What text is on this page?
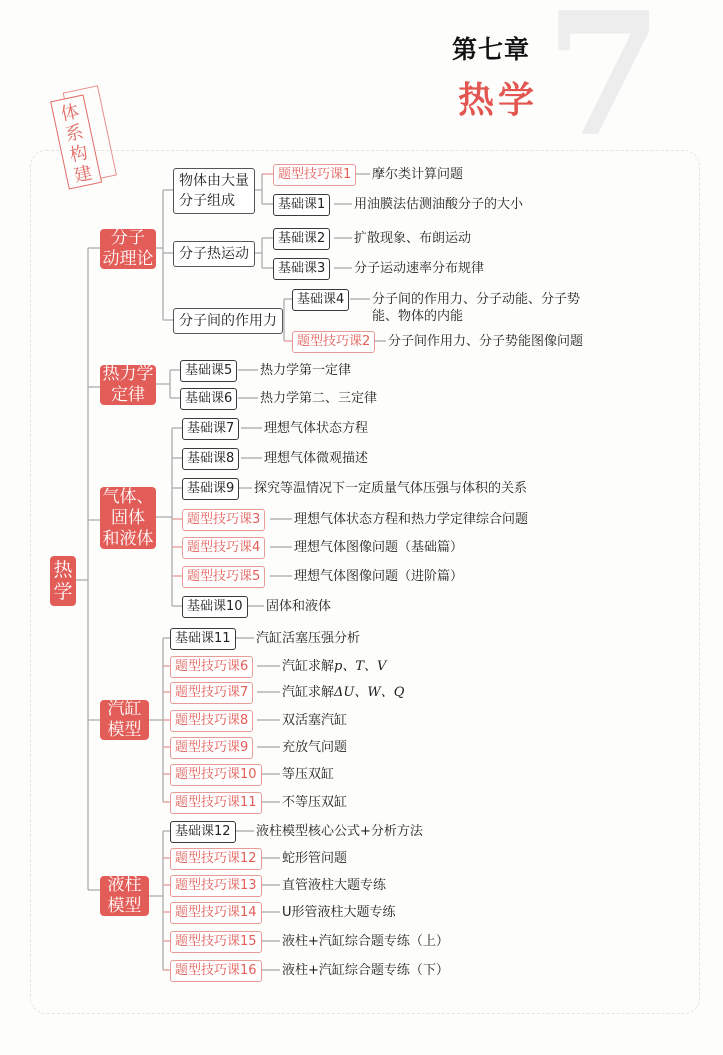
7
第七章
热学
体
系
构
建
热学
分子
动理论
热力学
定律
气体、
固体
和液体
汽缸
模型
液柱
模型
物体由大量
分子组成
分子热运动
分子间的作用力
题型技巧课1	摩尔类计算问题
基础课1	用油膜法估测油酸分子的大小
基础课2	扩散现象、布朗运动
基础课3	分子运动速率分布规律
基础课4	分子间的作用力、分子动能、分子势能、物体的内能
题型技巧课2	分子间作用力、分子势能图像问题
基础课5	热力学第一定律
基础课6	热力学第二、三定律
基础课7	理想气体状态方程
基础课8	理想气体微观描述
基础课9	探究等温情况下一定质量气体压强与体积的关系
题型技巧课3	理想气体状态方程和热力学定律综合问题
题型技巧课4	理想气体图像问题（基础篇）
题型技巧课5	理想气体图像问题（进阶篇）
基础课10	固体和液体
基础课11	汽缸活塞压强分析
题型技巧课6	汽缸求解p、T、V
题型技巧课7	汽缸求解ΔU、W、Q
题型技巧课8	双活塞汽缸
题型技巧课9	充放气问题
题型技巧课10	等压双缸
题型技巧课11	不等压双缸
基础课12	液柱模型核心公式+分析方法
题型技巧课12	蛇形管问题
题型技巧课13	直管液柱大题专练
题型技巧课14	U形管液柱大题专练
题型技巧课15	液柱+汽缸综合题专练（上）
题型技巧课16	液柱+汽缸综合题专练（下）
